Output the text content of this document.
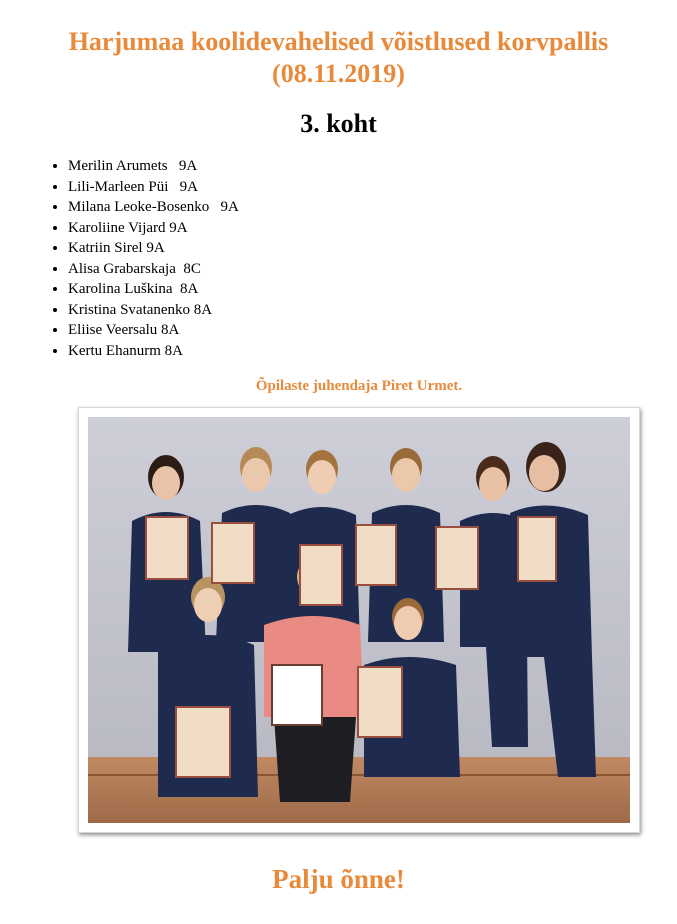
Harjumaa koolidevahelised võistlused korvpallis
(08.11.2019)
3. koht
• Merilin Arumets   9A
• Lili-Marleen Püi   9A
• Milana Leoke-Bosenko   9A
• Karoliine Vijard 9A
• Katriin Sirel 9A
• Alisa Grabarskaja  8C
• Karolina Luškina  8A
• Kristina Svatanenko 8A
• Eliise Veersalu 8A
• Kertu Ehanurm 8A
Õpilaste juhendaja Piret Urmet.
Palju õnne!
